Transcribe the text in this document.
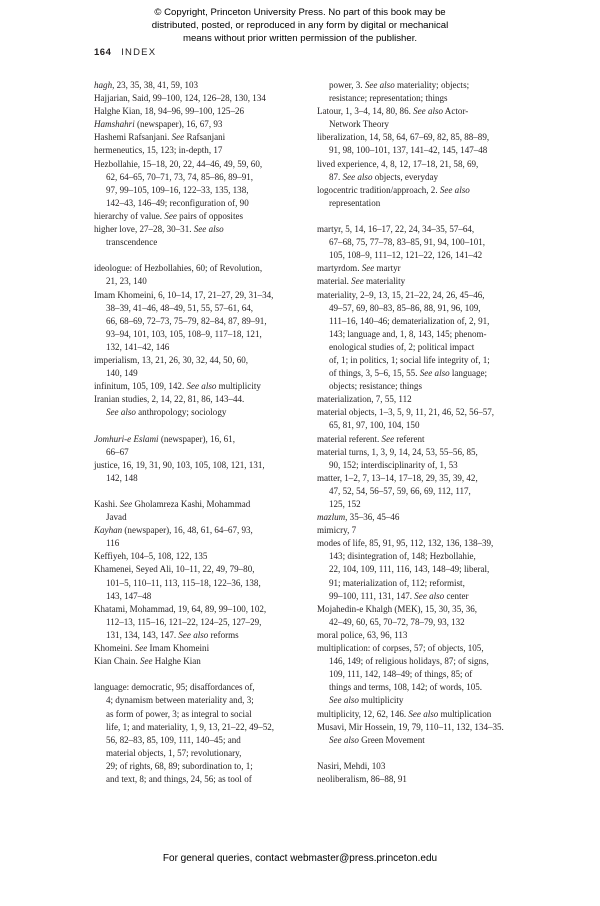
© Copyright, Princeton University Press. No part of this book may be
distributed, posted, or reproduced in any form by digital or mechanical
means without prior written permission of the publisher.
164 INDEX
hagh, 23, 35, 38, 41, 59, 103
Hajjarian, Said, 99–100, 124, 126–28, 130, 134
Halghe Kian, 18, 94–96, 99–100, 125–26
Hamshahri (newspaper), 16, 67, 93
Hashemi Rafsanjani. See Rafsanjani
hermeneutics, 15, 123; in-depth, 17
Hezbollahie, 15–18, 20, 22, 44–46, 49, 59, 60,
62, 64–65, 70–71, 73, 74, 85–86, 89–91,
97, 99–105, 109–16, 122–33, 135, 138,
142–43, 146–49; reconfiguration of, 90
hierarchy of value. See pairs of opposites
higher love, 27–28, 30–31. See also
transcendence
ideologue: of Hezbollahies, 60; of Revolution,
21, 23, 140
Imam Khomeini, 6, 10–14, 17, 21–27, 29, 31–34,
38–39, 41–46, 48–49, 51, 55, 57–61, 64,
66, 68–69, 72–73, 75–79, 82–84, 87, 89–91,
93–94, 101, 103, 105, 108–9, 117–18, 121,
132, 141–42, 146
imperialism, 13, 21, 26, 30, 32, 44, 50, 60,
140, 149
infinitum, 105, 109, 142. See also multiplicity
Iranian studies, 2, 14, 22, 81, 86, 143–44.
See also anthropology; sociology
Jomhuri-e Eslami (newspaper), 16, 61,
66–67
justice, 16, 19, 31, 90, 103, 105, 108, 121, 131,
142, 148
Kashi. See Gholamreza Kashi, Mohammad
Javad
Kayhan (newspaper), 16, 48, 61, 64–67, 93,
116
Keffiyeh, 104–5, 108, 122, 135
Khamenei, Seyed Ali, 10–11, 22, 49, 79–80,
101–5, 110–11, 113, 115–18, 122–36, 138,
143, 147–48
Khatami, Mohammad, 19, 64, 89, 99–100, 102,
112–13, 115–16, 121–22, 124–25, 127–29,
131, 134, 143, 147. See also reforms
Khomeini. See Imam Khomeini
Kian Chain. See Halghe Kian
language: democratic, 95; disaffordances of,
4; dynamism between materiality and, 3;
as form of power, 3; as integral to social
life, 1; and materiality, 1, 9, 13, 21–22, 49–52,
56, 82–83, 85, 109, 111, 140–45; and
material objects, 1, 57; revolutionary,
29; of rights, 68, 89; subordination to, 1;
and text, 8; and things, 24, 56; as tool of
power, 3. See also materiality; objects;
resistance; representation; things
Latour, 1, 3–4, 14, 80, 86. See also Actor-
Network Theory
liberalization, 14, 58, 64, 67–69, 82, 85, 88–89,
91, 98, 100–101, 137, 141–42, 145, 147–48
lived experience, 4, 8, 12, 17–18, 21, 58, 69,
87. See also objects, everyday
logocentric tradition/approach, 2. See also
representation
martyr, 5, 14, 16–17, 22, 24, 34–35, 57–64,
67–68, 75, 77–78, 83–85, 91, 94, 100–101,
105, 108–9, 111–12, 121–22, 126, 141–42
martyrdom. See martyr
material. See materiality
materiality, 2–9, 13, 15, 21–22, 24, 26, 45–46,
49–57, 69, 80–83, 85–86, 88, 91, 96, 109,
111–16, 140–46; dematerialization of, 2, 91,
143; language and, 1, 8, 143, 145; phenom-
enological studies of, 2; political impact
of, 1; in politics, 1; social life integrity of, 1;
of things, 3, 5–6, 15, 55. See also language;
objects; resistance; things
materialization, 7, 55, 112
material objects, 1–3, 5, 9, 11, 21, 46, 52, 56–57,
65, 81, 97, 100, 104, 150
material referent. See referent
material turns, 1, 3, 9, 14, 24, 53, 55–56, 85,
90, 152; interdisciplinarity of, 1, 53
matter, 1–2, 7, 13–14, 17–18, 29, 35, 39, 42,
47, 52, 54, 56–57, 59, 66, 69, 112, 117,
125, 152
mazlum, 35–36, 45–46
mimicry, 7
modes of life, 85, 91, 95, 112, 132, 136, 138–39,
143; disintegration of, 148; Hezbollahie,
22, 104, 109, 111, 116, 143, 148–49; liberal,
91; materialization of, 112; reformist,
99–100, 111, 131, 147. See also center
Mojahedin-e Khalgh (MEK), 15, 30, 35, 36,
42–49, 60, 65, 70–72, 78–79, 93, 132
moral police, 63, 96, 113
multiplication: of corpses, 57; of objects, 105,
146, 149; of religious holidays, 87; of signs,
109, 111, 142, 148–49; of things, 85; of
things and terms, 108, 142; of words, 105.
See also multiplicity
multiplicity, 12, 62, 146. See also multiplication
Musavi, Mir Hossein, 19, 79, 110–11, 132, 134–35.
See also Green Movement
Nasiri, Mehdi, 103
neoliberalism, 86–88, 91
For general queries, contact webmaster@press.princeton.edu
